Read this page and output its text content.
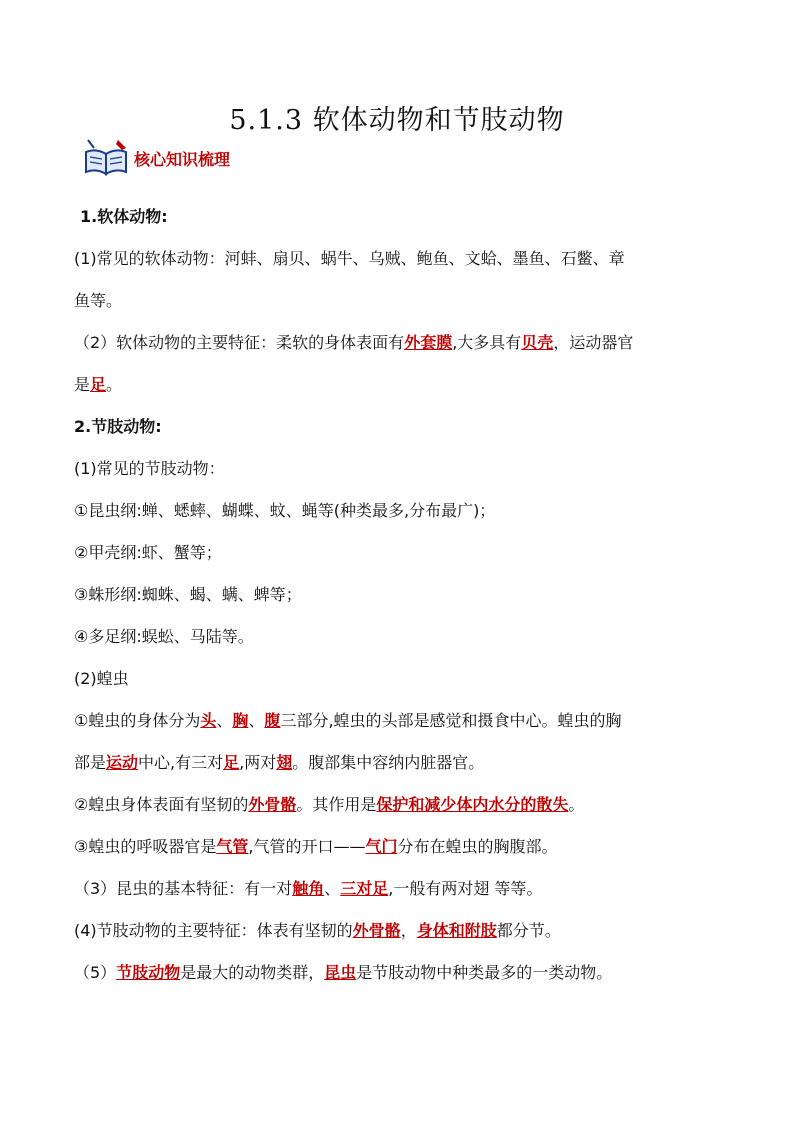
5.1.3 软体动物和节肢动物
核心知识梳理
1.软体动物:
(1)常见的软体动物：河蚌、扇贝、蜗牛、乌贼、鲍鱼、文蛤、墨鱼、石鳖、章
鱼等。
（2）软体动物的主要特征：柔软的身体表面有外套膜,大多具有贝壳，运动器官
是足。
2.节肢动物:
(1)常见的节肢动物：
①昆虫纲:蝉、蟋蟀、蝴蝶、蚊、蝇等(种类最多,分布最广)；
②甲壳纲:虾、蟹等；
③蛛形纲:蜘蛛、蝎、螨、蜱等；
④多足纲:蜈蚣、马陆等。
(2)蝗虫
①蝗虫的身体分为头、胸、腹三部分,蝗虫的头部是感觉和摄食中心。蝗虫的胸
部是运动中心,有三对足,两对翅。腹部集中容纳内脏器官。
②蝗虫身体表面有坚韧的外骨骼。其作用是保护和减少体内水分的散失。
③蝗虫的呼吸器官是气管,气管的开口——气门分布在蝗虫的胸腹部。
（3）昆虫的基本特征：有一对触角、三对足,一般有两对翅 等等。
(4)节肢动物的主要特征：体表有坚韧的外骨骼，身体和附肢都分节。
（5）节肢动物是最大的动物类群，昆虫是节肢动物中种类最多的一类动物。
